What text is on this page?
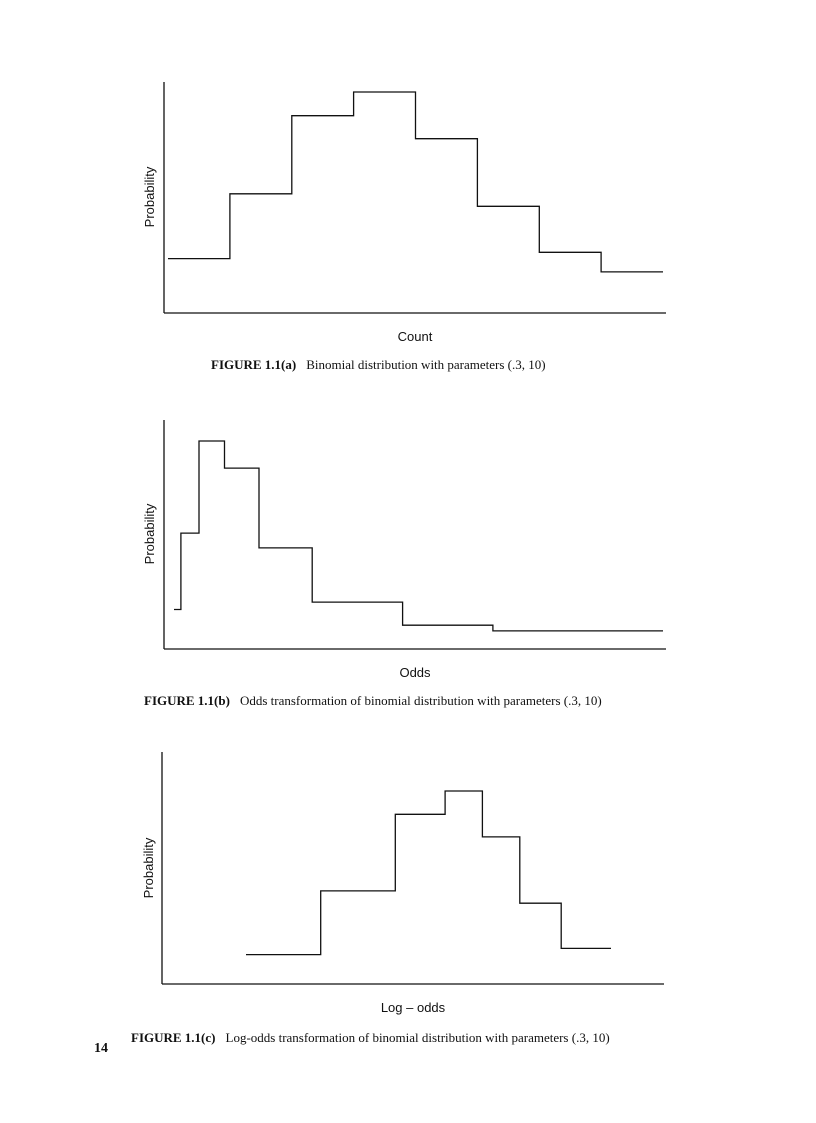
Probability
Count
Probability
Odds
Probability
Log – odds
FIGURE 1.1(a) Binomial distribution with parameters (.3, 10)
FIGURE 1.1(b) Odds transformation of binomial distribution with parameters (.3, 10)
FIGURE 1.1(c) Log-odds transformation of binomial distribution with parameters (.3, 10)
14
